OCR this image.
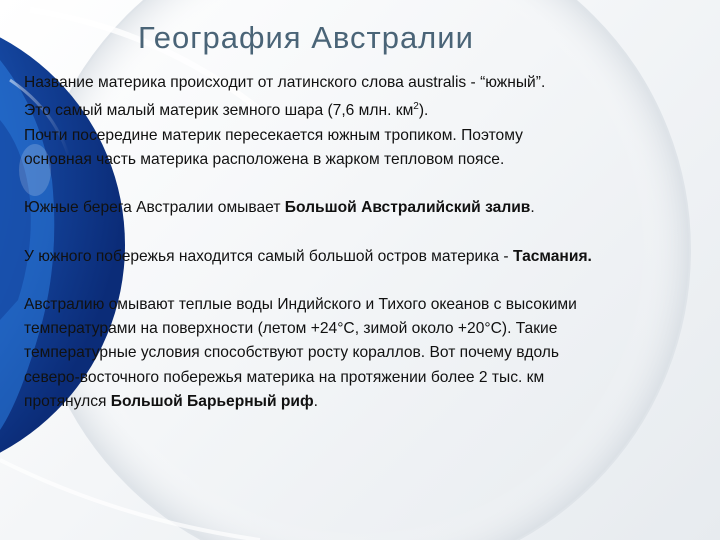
География Австралии

Название материка происходит от латинского слова australis - “южный”.
Это самый малый материк земного шара (7,6 млн. $км^2$).
Почти посередине материк пересекается южным тропиком. Поэтому
основная часть материка расположена в жарком тепловом поясе.

Южные берега Австралии омывает Большой Австралийский залив.

У южного побережья находится самый большой остров материка - Тасмания.

Австралию омывают теплые воды Индийского и Тихого океанов с высокими
температурами на поверхности (летом +24°С, зимой около +20°С). Такие
температурные условия способствуют росту кораллов. Вот почему вдоль
северо-восточного побережья материка на протяжении более 2 тыс. км
протянулся Большой Барьерный риф.
